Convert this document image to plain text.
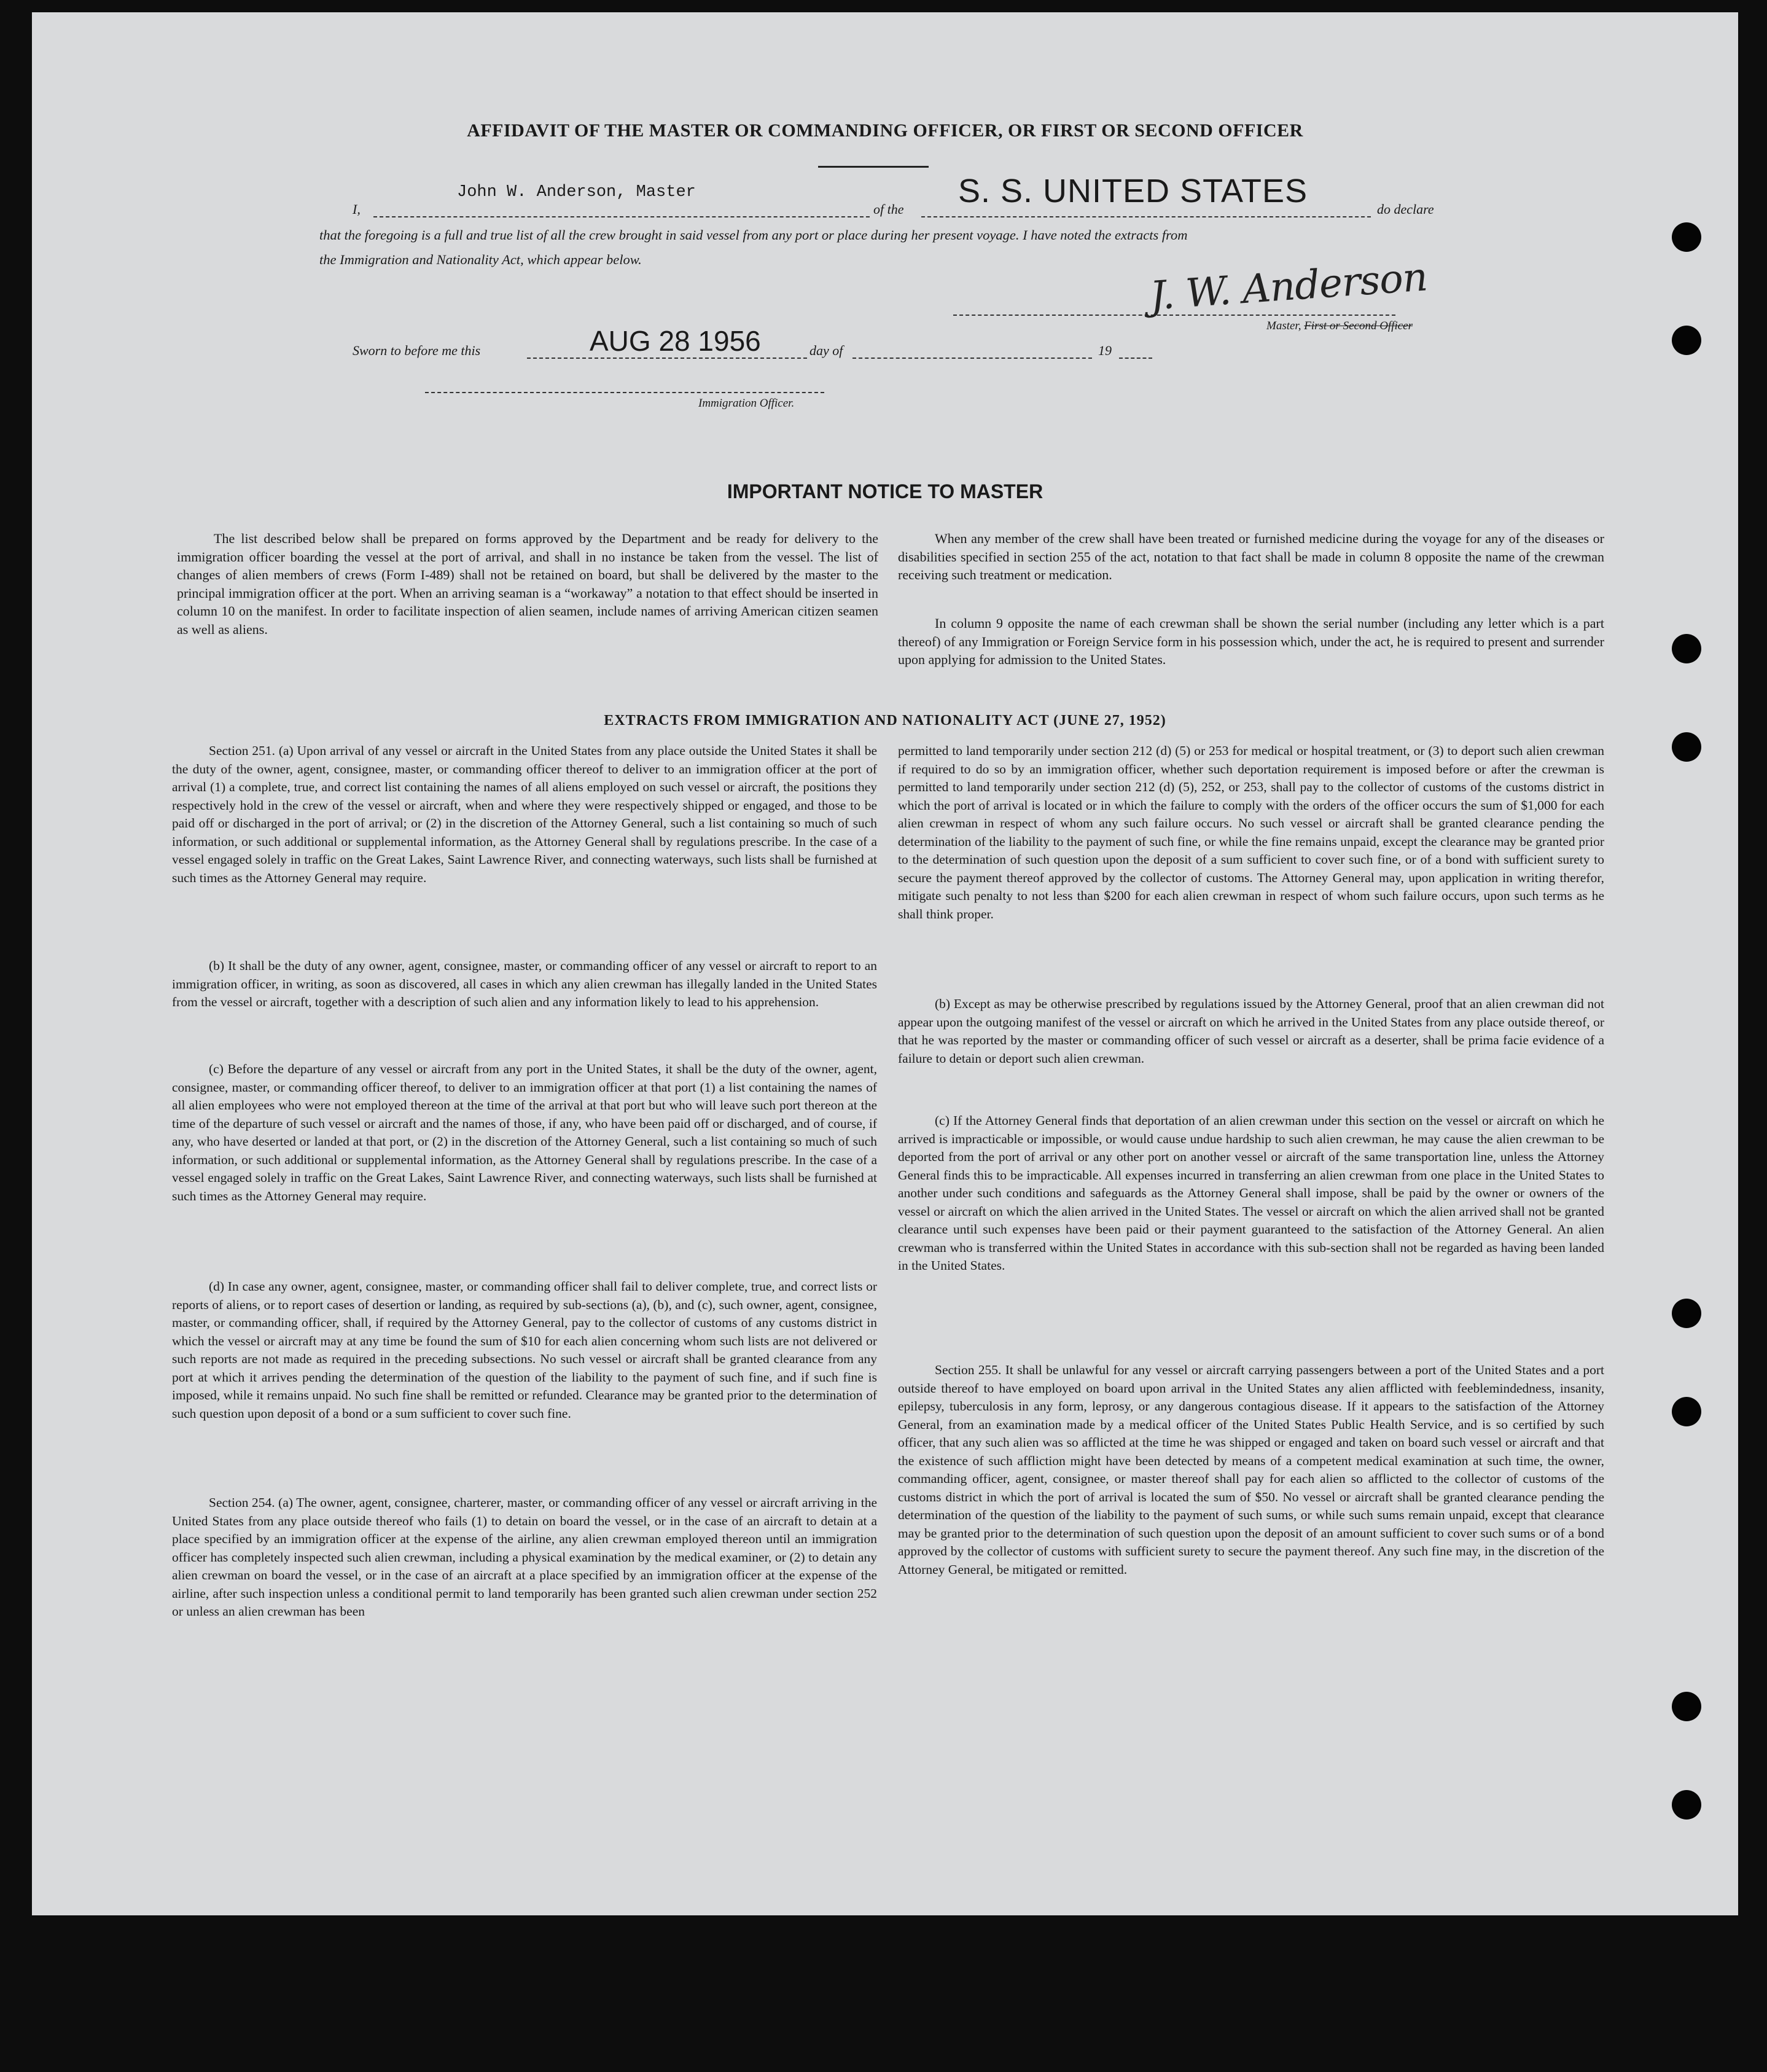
AFFIDAVIT OF THE MASTER OR COMMANDING OFFICER, OR FIRST OR SECOND OFFICER
I,
John W. Anderson, Master
of the S. S. UNITED STATES	do declare
that the foregoing is a full and true list of all the crew brought in said vessel from any port or place during her present voyage. I have noted the extracts from
the Immigration and Nationality Act, which appear below.	J. W. Anderson
Master, First or Second Officer
Sworn to before me this	AUG 28 1956	day of	19
Immigration Officer.
IMPORTANT NOTICE TO MASTER

The list described below shall be prepared on forms approved by the Department and be ready for delivery to the immigration officer boarding the vessel at the port of arrival, and shall in no instance be taken from the vessel. The list of changes of alien members of crews (Form I-489) shall not be retained on board, but shall be delivered by the master to the principal immigration officer at the port. When an arriving seaman is a “workaway” a notation to that effect should be inserted in column 10 on the manifest. In order to facilitate inspection of alien seamen, include names of arriving American citizen seamen as well as aliens.

When any member of the crew shall have been treated or furnished medicine during the voyage for any of the diseases or disabilities specified in section 255 of the act, notation to that fact shall be made in column 8 opposite the name of the crewman receiving such treatment or medication.

In column 9 opposite the name of each crewman shall be shown the serial number (including any letter which is a part thereof) of any Immigration or Foreign Service form in his possession which, under the act, he is required to present and surrender upon applying for admission to the United States.

EXTRACTS FROM IMMIGRATION AND NATIONALITY ACT (JUNE 27, 1952)

Section 251. (a) Upon arrival of any vessel or aircraft in the United States from any place outside the United States it shall be the duty of the owner, agent, consignee, master, or commanding officer thereof to deliver to an immigration officer at the port of arrival (1) a complete, true, and correct list containing the names of all aliens employed on such vessel or aircraft, the positions they respectively hold in the crew of the vessel or aircraft, when and where they were respectively shipped or engaged, and those to be paid off or discharged in the port of arrival; or (2) in the discretion of the Attorney General, such a list containing so much of such information, or such additional or supplemental information, as the Attorney General shall by regulations prescribe. In the case of a vessel engaged solely in traffic on the Great Lakes, Saint Lawrence River, and connecting waterways, such lists shall be furnished at such times as the Attorney General may require.

(b) It shall be the duty of any owner, agent, consignee, master, or commanding officer of any vessel or aircraft to report to an immigration officer, in writing, as soon as discovered, all cases in which any alien crewman has illegally landed in the United States from the vessel or aircraft, together with a description of such alien and any information likely to lead to his apprehension.

(c) Before the departure of any vessel or aircraft from any port in the United States, it shall be the duty of the owner, agent, consignee, master, or commanding officer thereof, to deliver to an immigration officer at that port (1) a list containing the names of all alien employees who were not employed thereon at the time of the arrival at that port but who will leave such port thereon at the time of the departure of such vessel or aircraft and the names of those, if any, who have been paid off or discharged, and of course, if any, who have deserted or landed at that port, or (2) in the discretion of the Attorney General, such a list containing so much of such information, or such additional or supplemental information, as the Attorney General shall by regulations prescribe. In the case of a vessel engaged solely in traffic on the Great Lakes, Saint Lawrence River, and connecting waterways, such lists shall be furnished at such times as the Attorney General may require.

(d) In case any owner, agent, consignee, master, or commanding officer shall fail to deliver complete, true, and correct lists or reports of aliens, or to report cases of desertion or landing, as required by sub-sections (a), (b), and (c), such owner, agent, consignee, master, or commanding officer, shall, if required by the Attorney General, pay to the collector of customs of any customs district in which the vessel or aircraft may at any time be found the sum of $10 for each alien concerning whom such lists are not delivered or such reports are not made as required in the preceding subsections. No such vessel or aircraft shall be granted clearance from any port at which it arrives pending the determination of the question of the liability to the payment of such fine, and if such fine is imposed, while it remains unpaid. No such fine shall be remitted or refunded. Clearance may be granted prior to the determination of such question upon deposit of a bond or a sum sufficient to cover such fine.

Section 254. (a) The owner, agent, consignee, charterer, master, or commanding officer of any vessel or aircraft arriving in the United States from any place outside thereof who fails (1) to detain on board the vessel, or in the case of an aircraft to detain at a place specified by an immigration officer at the expense of the airline, any alien crewman employed thereon until an immigration officer has completely inspected such alien crewman, including a physical examination by the medical examiner, or (2) to detain any alien crewman on board the vessel, or in the case of an aircraft at a place specified by an immigration officer at the expense of the airline, after such inspection unless a conditional permit to land temporarily has been granted such alien crewman under section 252 or unless an alien crewman has been

permitted to land temporarily under section 212 (d) (5) or 253 for medical or hospital treatment, or (3) to deport such alien crewman if required to do so by an immigration officer, whether such deportation requirement is imposed before or after the crewman is permitted to land temporarily under section 212 (d) (5), 252, or 253, shall pay to the collector of customs of the customs district in which the port of arrival is located or in which the failure to comply with the orders of the officer occurs the sum of $1,000 for each alien crewman in respect of whom any such failure occurs. No such vessel or aircraft shall be granted clearance pending the determination of the liability to the payment of such fine, or while the fine remains unpaid, except the clearance may be granted prior to the determination of such question upon the deposit of a sum sufficient to cover such fine, or of a bond with sufficient surety to secure the payment thereof approved by the collector of customs. The Attorney General may, upon application in writing therefor, mitigate such penalty to not less than $200 for each alien crewman in respect of whom such failure occurs, upon such terms as he shall think proper.

(b) Except as may be otherwise prescribed by regulations issued by the Attorney General, proof that an alien crewman did not appear upon the outgoing manifest of the vessel or aircraft on which he arrived in the United States from any place outside thereof, or that he was reported by the master or commanding officer of such vessel or aircraft as a deserter, shall be prima facie evidence of a failure to detain or deport such alien crewman.

(c) If the Attorney General finds that deportation of an alien crewman under this section on the vessel or aircraft on which he arrived is impracticable or impossible, or would cause undue hardship to such alien crewman, he may cause the alien crewman to be deported from the port of arrival or any other port on another vessel or aircraft of the same transportation line, unless the Attorney General finds this to be impracticable. All expenses incurred in transferring an alien crewman from one place in the United States to another under such conditions and safeguards as the Attorney General shall impose, shall be paid by the owner or owners of the vessel or aircraft on which the alien arrived in the United States. The vessel or aircraft on which the alien arrived shall not be granted clearance until such expenses have been paid or their payment guaranteed to the satisfaction of the Attorney General. An alien crewman who is transferred within the United States in accordance with this sub-section shall not be regarded as having been landed in the United States.

Section 255. It shall be unlawful for any vessel or aircraft carrying passengers between a port of the United States and a port outside thereof to have employed on board upon arrival in the United States any alien afflicted with feeblemindedness, insanity, epilepsy, tuberculosis in any form, leprosy, or any dangerous contagious disease. If it appears to the satisfaction of the Attorney General, from an examination made by a medical officer of the United States Public Health Service, and is so certified by such officer, that any such alien was so afflicted at the time he was shipped or engaged and taken on board such vessel or aircraft and that the existence of such affliction might have been detected by means of a competent medical examination at such time, the owner, commanding officer, agent, consignee, or master thereof shall pay for each alien so afflicted to the collector of customs of the customs district in which the port of arrival is located the sum of $50. No vessel or aircraft shall be granted clearance pending the determination of the question of the liability to the payment of such sums, or while such sums remain unpaid, except that clearance may be granted prior to the determination of such question upon the deposit of an amount sufficient to cover such sums or of a bond approved by the collector of customs with sufficient surety to secure the payment thereof. Any such fine may, in the discretion of the Attorney General, be mitigated or remitted.
